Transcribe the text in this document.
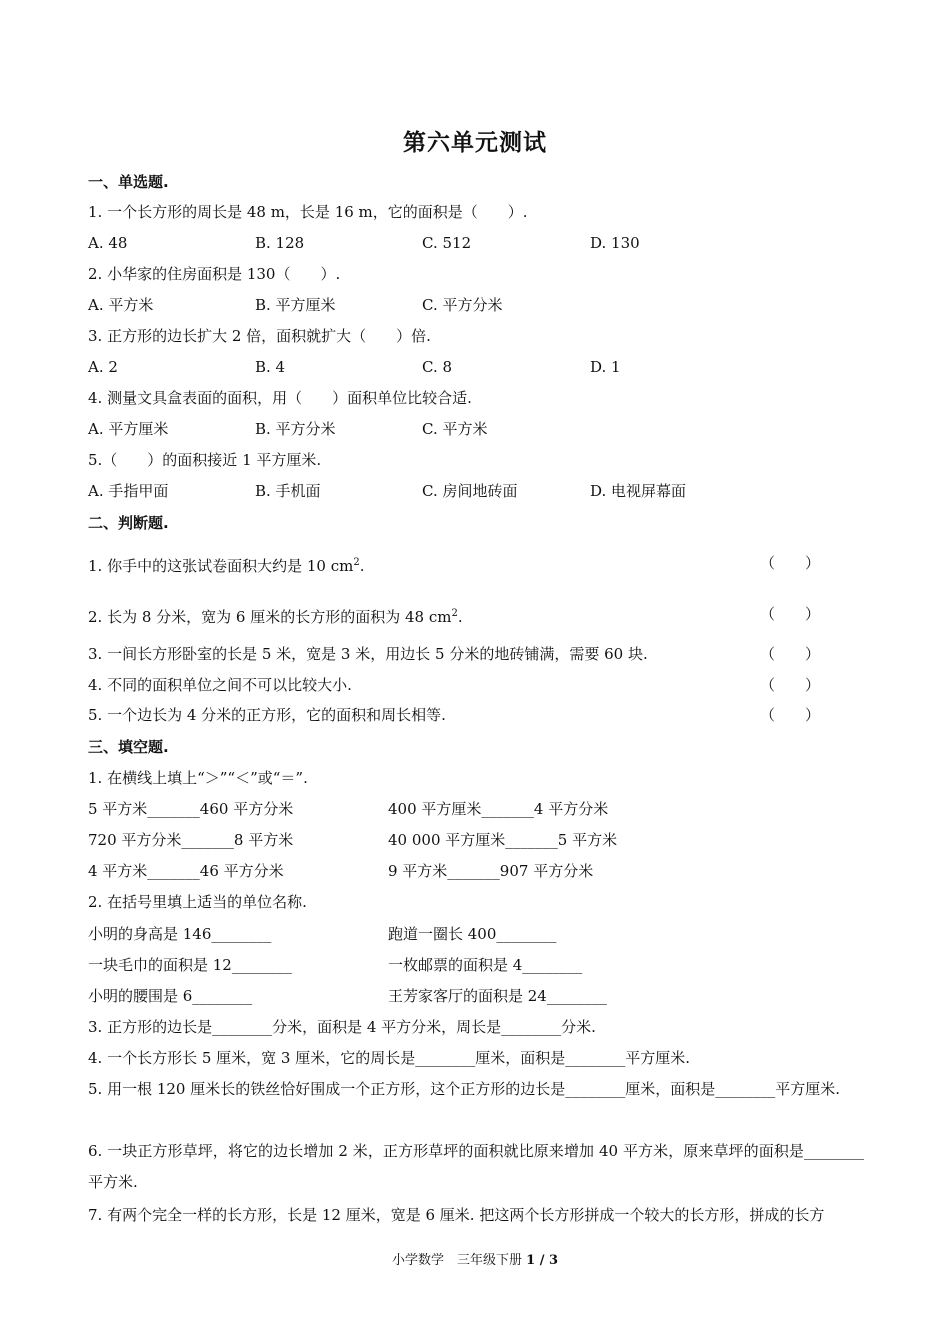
第六单元测试
一、单选题.
1. 一个长方形的周长是 48 m，长是 16 m，它的面积是（　　）.
A. 48	B. 128	C. 512	D. 130
2. 小华家的住房面积是 130（　　）.
A. 平方米	B. 平方厘米	C. 平方分米
3. 正方形的边长扩大 2 倍，面积就扩大（　　）倍.
A. 2	B. 4	C. 8	D. 1
4. 测量文具盒表面的面积，用（　　）面积单位比较合适.
A. 平方厘米	B. 平方分米	C. 平方米
5.（　　）的面积接近 1 平方厘米.
A. 手指甲面	B. 手机面	C. 房间地砖面	D. 电视屏幕面
二、判断题.
1. 你手中的这张试卷面积大约是 10 $cm^2$.	（　　）
2. 长为 8 分米，宽为 6 厘米的长方形的面积为 48 $cm^2$.	（　　）
3. 一间长方形卧室的长是 5 米，宽是 3 米，用边长 5 分米的地砖铺满，需要 60 块.	（　　）
4. 不同的面积单位之间不可以比较大小.	（　　）
5. 一个边长为 4 分米的正方形，它的面积和周长相等.	（　　）
三、填空题.
1. 在横线上填上“＞”“＜”或“＝”.
5 平方米_______460 平方分米	400 平方厘米_______4 平方分米
720 平方分米_______8 平方米	40 000 平方厘米_______5 平方米
4 平方米_______46 平方分米	9 平方米_______907 平方分米
2. 在括号里填上适当的单位名称.
小明的身高是 146________	跑道一圈长 400________
一块毛巾的面积是 12________	一枚邮票的面积是 4________
小明的腰围是 6________	王芳家客厅的面积是 24________
3. 正方形的边长是________分米，面积是 4 平方分米，周长是________分米.
4. 一个长方形长 5 厘米，宽 3 厘米，它的周长是________厘米，面积是________平方厘米.
5. 用一根 120 厘米长的铁丝恰好围成一个正方形，这个正方形的边长是________厘米，面积是________平方厘米.
6. 一块正方形草坪，将它的边长增加 2 米，正方形草坪的面积就比原来增加 40 平方米，原来草坪的面积是________平方米.
7. 有两个完全一样的长方形，长是 12 厘米，宽是 6 厘米. 把这两个长方形拼成一个较大的长方形，拼成的长方
小学数学　三年级下册 1 / 3
